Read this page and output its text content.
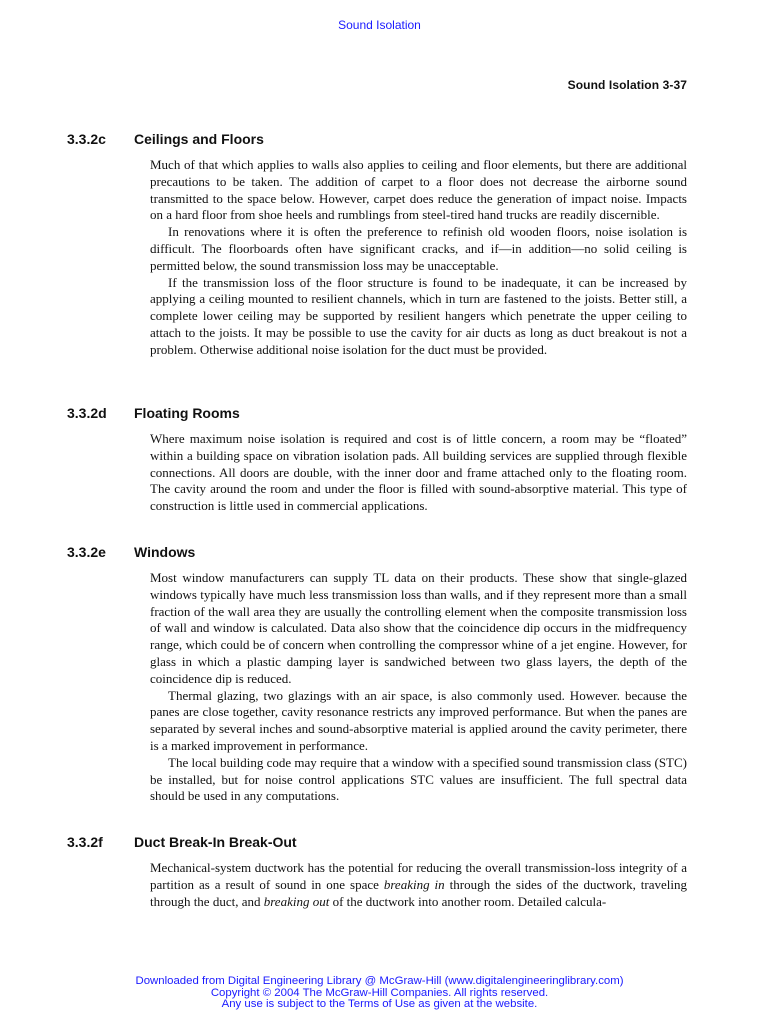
Sound Isolation
Sound Isolation 3-37
3.3.2c Ceilings and Floors

Much of that which applies to walls also applies to ceiling and floor elements, but there are additional precautions to be taken. The addition of carpet to a floor does not decrease the airborne sound transmitted to the space below. However, carpet does reduce the generation of impact noise. Impacts on a hard floor from shoe heels and rumblings from steel-tired hand trucks are readily discernible.

In renovations where it is often the preference to refinish old wooden floors, noise isolation is difficult. The floorboards often have significant cracks, and if—in addition—no solid ceiling is permitted below, the sound transmission loss may be unacceptable.

If the transmission loss of the floor structure is found to be inadequate, it can be increased by applying a ceiling mounted to resilient channels, which in turn are fastened to the joists. Better still, a complete lower ceiling may be supported by resilient hangers which penetrate the upper ceiling to attach to the joists. It may be possible to use the cavity for air ducts as long as duct breakout is not a problem. Otherwise additional noise isolation for the duct must be provided.

3.3.2d Floating Rooms

Where maximum noise isolation is required and cost is of little concern, a room may be “floated” within a building space on vibration isolation pads. All building services are supplied through flexible connections. All doors are double, with the inner door and frame attached only to the floating room. The cavity around the room and under the floor is filled with sound-absorptive material. This type of construction is little used in commercial applications.

3.3.2e Windows

Most window manufacturers can supply TL data on their products. These show that single-glazed windows typically have much less transmission loss than walls, and if they represent more than a small fraction of the wall area they are usually the controlling element when the composite transmission loss of wall and window is calculated. Data also show that the coincidence dip occurs in the midfrequency range, which could be of concern when controlling the compressor whine of a jet engine. However, for glass in which a plastic damping layer is sandwiched between two glass layers, the depth of the coincidence dip is reduced.

Thermal glazing, two glazings with an air space, is also commonly used. However. because the panes are close together, cavity resonance restricts any improved performance. But when the panes are separated by several inches and sound-absorptive material is applied around the cavity perimeter, there is a marked improvement in performance.

The local building code may require that a window with a specified sound transmission class (STC) be installed, but for noise control applications STC values are insufficient. The full spectral data should be used in any computations.

3.3.2f Duct Break-In Break-Out

Mechanical-system ductwork has the potential for reducing the overall transmission-loss integrity of a partition as a result of sound in one space breaking in through the sides of the ductwork, traveling through the duct, and breaking out of the ductwork into another room. Detailed calcula-

Downloaded from Digital Engineering Library @ McGraw-Hill (www.digitalengineeringlibrary.com)
Copyright © 2004 The McGraw-Hill Companies. All rights reserved.
Any use is subject to the Terms of Use as given at the website.
